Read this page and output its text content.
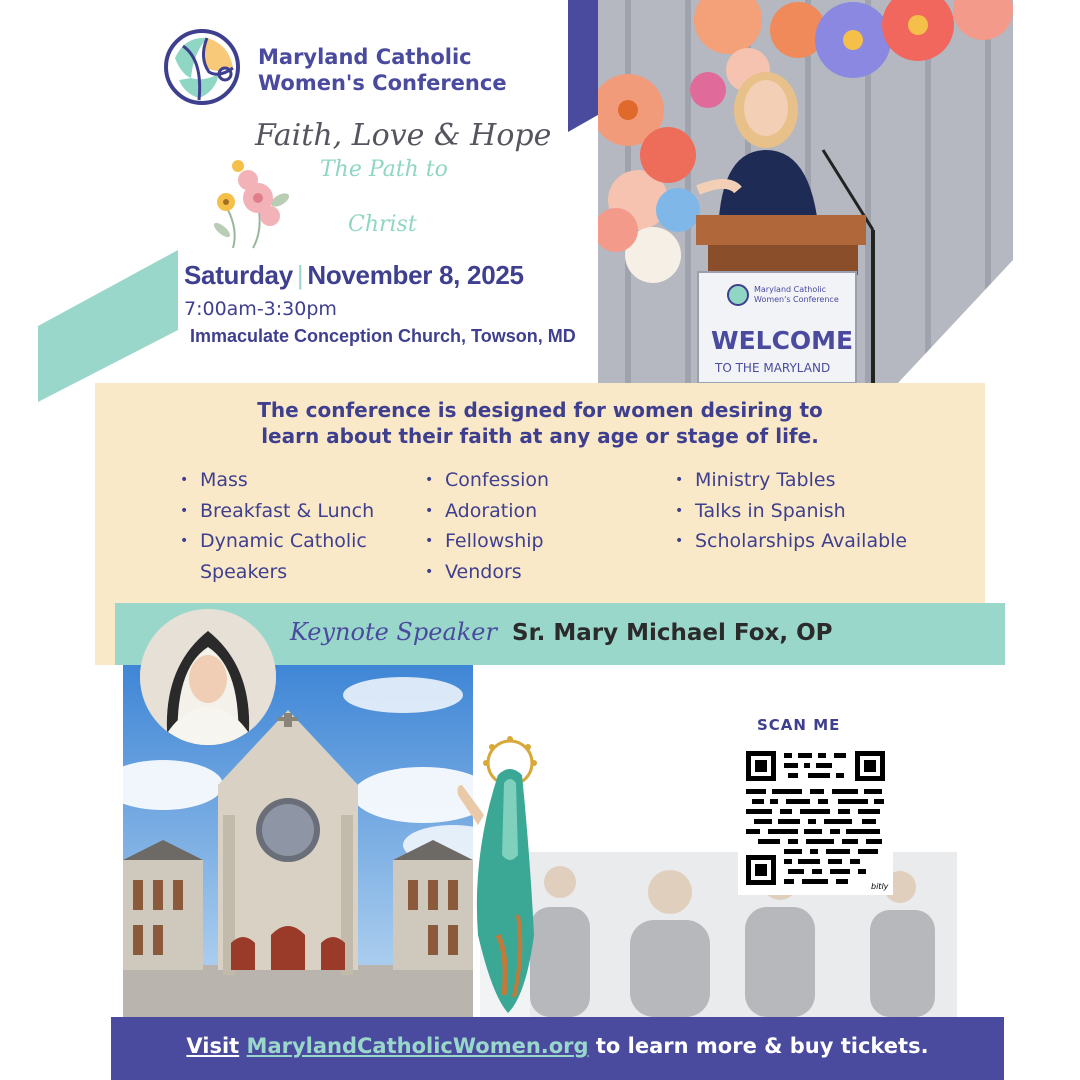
Maryland Catholic
Women's Conference
Faith, Love & Hope
The Path to
Christ
Saturday | November 8, 2025
7:00am-3:30pm
Immaculate Conception Church, Towson, MD
Maryland Catholic
Women's Conference
WELCOME
TO THE MARYLAND
The conference is designed for women desiring to
learn about their faith at any age or stage of life.
• Mass
• Breakfast & Lunch
• Dynamic Catholic
Speakers
• Confession
• Adoration
• Fellowship
• Vendors
• Ministry Tables
• Talks in Spanish
• Scholarships Available
Keynote Speaker Sr. Mary Michael Fox, OP
SCAN ME
bitly
Visit MarylandCatholicWomen.org to learn more & buy tickets.
